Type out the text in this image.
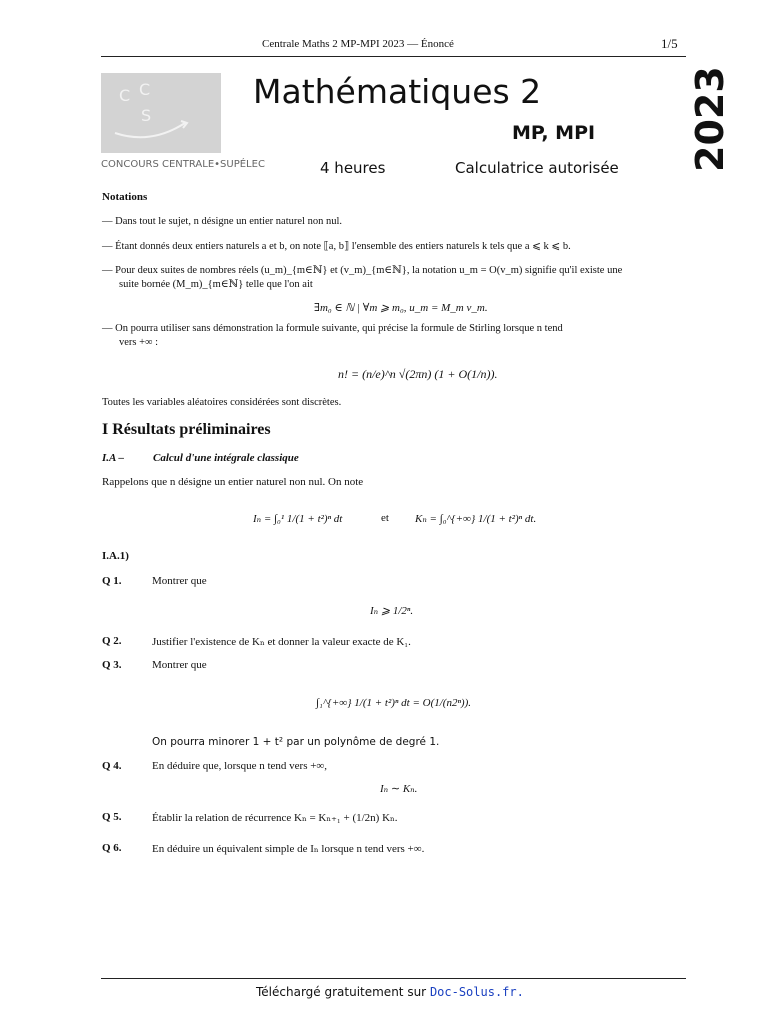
Centrale Maths 2 MP-MPI 2023 — Énoncé	1/5
C C
S
CONCOURS CENTRALE•SUPÉLEC
Mathématiques 2
MP, MPI
4 heures	Calculatrice autorisée 2023
Notations
— Dans tout le sujet, n désigne un entier naturel non nul.
— Étant donnés deux entiers naturels a et b, on note ⟦a, b⟧ l'ensemble des entiers naturels k tels que a ⩽ k ⩽ b.
— Pour deux suites de nombres réels (u_m)_{m∈ℕ} et (v_m)_{m∈ℕ}, la notation u_m = O(v_m) signifie qu'il existe une
suite bornée (M_m)_{m∈ℕ} telle que l'on ait
∃m₀ ∈ ℕ | ∀m ⩾ m₀, u_m = M_m v_m.
— On pourra utiliser sans démonstration la formule suivante, qui précise la formule de Stirling lorsque n tend
vers +∞ :
n! = (n/e)^n √(2πn) (1 + O(1/n)).
Toutes les variables aléatoires considérées sont discrètes.
I Résultats préliminaires
I.A –	Calcul d'une intégrale classique
Rappelons que n désigne un entier naturel non nul. On note
Iₙ = ∫₀¹ 1/(1 + t²)ⁿ dt	et Kₙ = ∫₀^{+∞} 1/(1 + t²)ⁿ dt.
I.A.1)
Q 1.	Montrer que
Iₙ ⩾ 1/2ⁿ.
Q 2.	Justifier l'existence de Kₙ et donner la valeur exacte de K₁.
Q 3.	Montrer que
∫₁^{+∞} 1/(1 + t²)ⁿ dt = O(1/(n2ⁿ)).
On pourra minorer 1 + t² par un polynôme de degré 1.
Q 4.	En déduire que, lorsque n tend vers +∞,
Iₙ ∼ Kₙ.
Q 5.	Établir la relation de récurrence Kₙ = Kₙ₊₁ + (1/2n) Kₙ.
Q 6.	En déduire un équivalent simple de Iₙ lorsque n tend vers +∞.
Téléchargé gratuitement sur Doc-Solus.fr.
